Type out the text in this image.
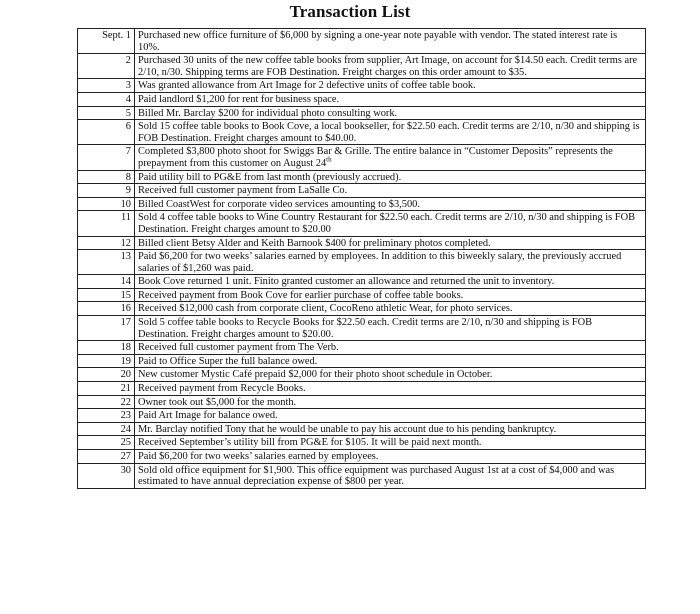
Transaction List
Sept. 1	Purchased new office furniture of $6,000 by signing a one-year note payable with vendor. The stated interest rate is 10%.
2	Purchased 30 units of the new coffee table books from supplier, Art Image, on account for $14.50 each. Credit terms are 2/10, n/30. Shipping terms are FOB Destination. Freight charges on this order amount to $35.
3	Was granted allowance from Art Image for 2 defective units of coffee table book.
4	Paid landlord $1,200 for rent for business space.
5	Billed Mr. Barclay $200 for individual photo consulting work.
6	Sold 15 coffee table books to Book Cove, a local bookseller, for $22.50 each. Credit terms are 2/10, n/30 and shipping is FOB Destination. Freight charges amount to $40.00.
7	Completed $3,800 photo shoot for Swiggs Bar & Grille. The entire balance in “Customer Deposits” represents the prepayment from this customer on August 24th
8	Paid utility bill to PG&E from last month (previously accrued).
9	Received full customer payment from LaSalle Co.
10	Billed CoastWest for corporate video services amounting to $3,500.
11	Sold 4 coffee table books to Wine Country Restaurant for $22.50 each. Credit terms are 2/10, n/30 and shipping is FOB Destination. Freight charges amount to $20.00
12	Billed client Betsy Alder and Keith Barnook $400 for preliminary photos completed.
13	Paid $6,200 for two weeks’ salaries earned by employees. In addition to this biweekly salary, the previously accrued salaries of $1,260 was paid.
14	Book Cove returned 1 unit. Finito granted customer an allowance and returned the unit to inventory.
15	Received payment from Book Cove for earlier purchase of coffee table books.
16	Received $12,000 cash from corporate client, CocoReno athletic Wear, for photo services.
17	Sold 5 coffee table books to Recycle Books for $22.50 each. Credit terms are 2/10, n/30 and shipping is FOB Destination. Freight charges amount to $20.00.
18	Received full customer payment from The Verb.
19	Paid to Office Super the full balance owed.
20	New customer Mystic Café prepaid $2,000 for their photo shoot schedule in October.
21	Received payment from Recycle Books.
22	Owner took out $5,000 for the month.
23	Paid Art Image for balance owed.
24	Mr. Barclay notified Tony that he would be unable to pay his account due to his pending bankruptcy.
25	Received September’s utility bill from PG&E for $105. It will be paid next month.
27	Paid $6,200 for two weeks’ salaries earned by employees.
30	Sold old office equipment for $1,900. This office equipment was purchased August 1st at a cost of $4,000 and was estimated to have annual depreciation expense of $800 per year.
